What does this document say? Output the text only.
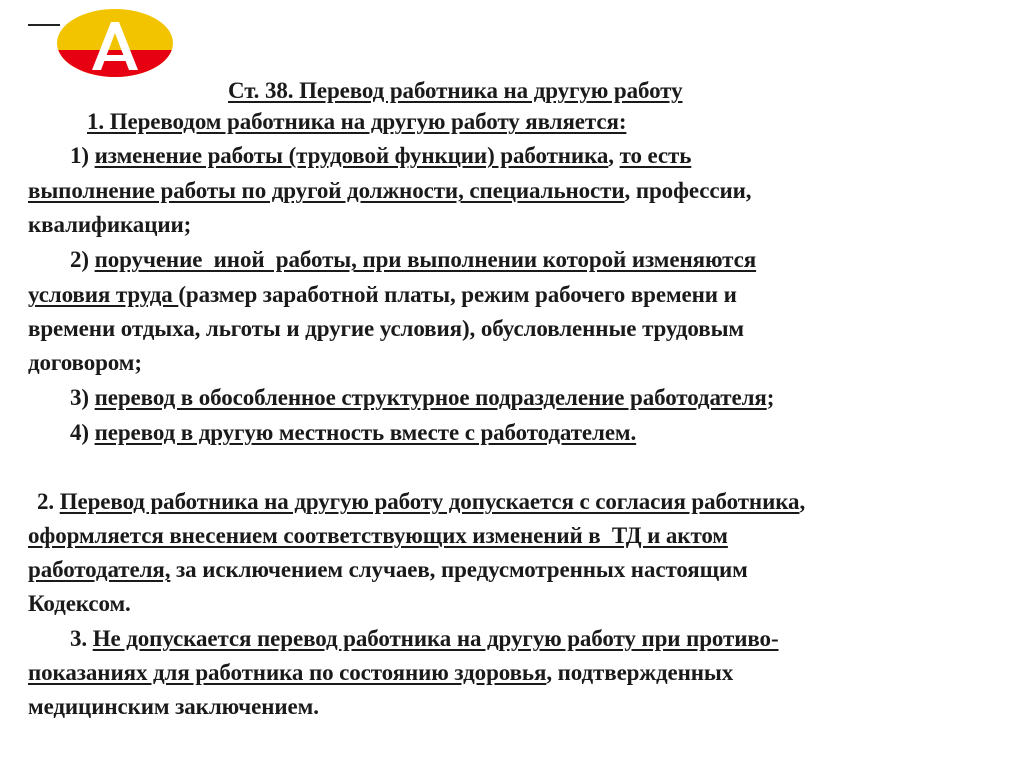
Ст. 38. Перевод работника на другую работу
1. Переводом работника на другую работу является:
1) изменение работы (трудовой функции) работника, то есть
выполнение работы по другой должности, специальности, профессии,
квалификации;
2) поручение  иной  работы, при выполнении которой изменяются
условия труда (размер заработной платы, режим рабочего времени и
времени отдыха, льготы и другие условия), обусловленные трудовым
договором;
3) перевод в обособленное структурное подразделение работодателя;
4) перевод в другую местность вместе с работодателем.
2. Перевод работника на другую работу допускается с согласия работника,
оформляется внесением соответствующих изменений в  ТД и актом
работодателя, за исключением случаев, предусмотренных настоящим
Кодексом.
3. Не допускается перевод работника на другую работу при противо-
показаниях для работника по состоянию здоровья, подтвержденных
медицинским заключением.
